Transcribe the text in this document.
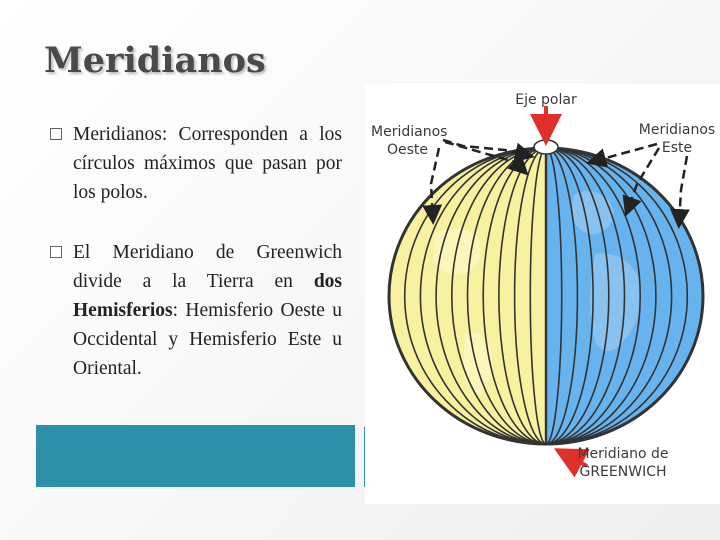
Meridianos
Meridianos: Corresponden a los círculos máximos que pasan por los polos.
El Meridiano de Greenwich divide a la Tierra en dos Hemisferios: Hemisferio Oeste u Occidental y Hemisferio Este u Oriental.
Eje polar
Meridianos
Oeste
Meridianos
Este
Meridiano de
GREENWICH
